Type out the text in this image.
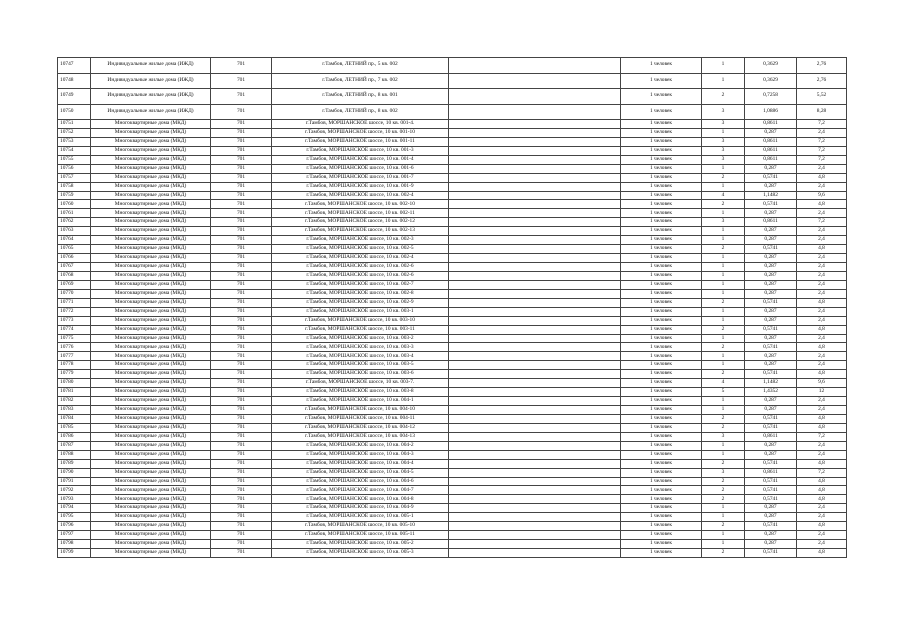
10747	Индивидуальные жилые дома (ИЖД)	701	г.Тамбов, ЛЕТНИЙ пр., 5 кв. 002		1 человек	1	0,3629	2,76
10748	Индивидуальные жилые дома (ИЖД)	701	г.Тамбов, ЛЕТНИЙ пр., 7 кв. 002		1 человек	1	0,3629	2,76
10749	Индивидуальные жилые дома (ИЖД)	701	г.Тамбов, ЛЕТНИЙ пр., 8 кв. 001		1 человек	2	0,7258	5,52
10750	Индивидуальные жилые дома (ИЖД)	701	г.Тамбов, ЛЕТНИЙ пр., 8 кв. 002		1 человек	3	1,0886	8,28
10751	Многоквартирные дома (МКД)	701	г.Тамбов, МОРШАНСКОЕ шоссе, 10 кв. 001-4.		1 человек	3	0,8611	7,2
10752	Многоквартирные дома (МКД)	701	г.Тамбов, МОРШАНСКОЕ шоссе, 10 кв. 001-10		1 человек	1	0,287	2,4
10753	Многоквартирные дома (МКД)	701	г.Тамбов, МОРШАНСКОЕ шоссе, 10 кв. 001-11		1 человек	3	0,8611	7,2
10754	Многоквартирные дома (МКД)	701	г.Тамбов, МОРШАНСКОЕ шоссе, 10 кв. 001-3		1 человек	3	0,8611	7,2
10755	Многоквартирные дома (МКД)	701	г.Тамбов, МОРШАНСКОЕ шоссе, 10 кв. 001-4		1 человек	3	0,8611	7,2
10756	Многоквартирные дома (МКД)	701	г.Тамбов, МОРШАНСКОЕ шоссе, 10 кв. 001-6		1 человек	1	0,287	2,4
10757	Многоквартирные дома (МКД)	701	г.Тамбов, МОРШАНСКОЕ шоссе, 10 кв. 001-7		1 человек	2	0,5741	4,8
10758	Многоквартирные дома (МКД)	701	г.Тамбов, МОРШАНСКОЕ шоссе, 10 кв. 001-9		1 человек	1	0,287	2,4
10759	Многоквартирные дома (МКД)	701	г.Тамбов, МОРШАНСКОЕ шоссе, 10 кв. 002-4		1 человек	4	1,1482	9,6
10760	Многоквартирные дома (МКД)	701	г.Тамбов, МОРШАНСКОЕ шоссе, 10 кв. 002-10		1 человек	2	0,5741	4,8
10761	Многоквартирные дома (МКД)	701	г.Тамбов, МОРШАНСКОЕ шоссе, 10 кв. 002-11		1 человек	1	0,287	2,4
10762	Многоквартирные дома (МКД)	701	г.Тамбов, МОРШАНСКОЕ шоссе, 10 кв. 002-12		1 человек	3	0,8611	7,2
10763	Многоквартирные дома (МКД)	701	г.Тамбов, МОРШАНСКОЕ шоссе, 10 кв. 002-13		1 человек	1	0,287	2,4
10764	Многоквартирные дома (МКД)	701	г.Тамбов, МОРШАНСКОЕ шоссе, 10 кв. 002-3		1 человек	1	0,287	2,4
10765	Многоквартирные дома (МКД)	701	г.Тамбов, МОРШАНСКОЕ шоссе, 10 кв. 002-5		1 человек	2	0,5741	4,8
10766	Многоквартирные дома (МКД)	701	г.Тамбов, МОРШАНСКОЕ шоссе, 10 кв. 002-4		1 человек	1	0,287	2,4
10767	Многоквартирные дома (МКД)	701	г.Тамбов, МОРШАНСКОЕ шоссе, 10 кв. 002-6		1 человек	1	0,287	2,4
10768	Многоквартирные дома (МКД)	701	г.Тамбов, МОРШАНСКОЕ шоссе, 10 кв. 002-6		1 человек	1	0,287	2,4
10769	Многоквартирные дома (МКД)	701	г.Тамбов, МОРШАНСКОЕ шоссе, 10 кв. 002-7		1 человек	1	0,287	2,4
10770	Многоквартирные дома (МКД)	701	г.Тамбов, МОРШАНСКОЕ шоссе, 10 кв. 002-8		1 человек	1	0,287	2,4
10771	Многоквартирные дома (МКД)	701	г.Тамбов, МОРШАНСКОЕ шоссе, 10 кв. 002-9		1 человек	2	0,5741	4,8
10772	Многоквартирные дома (МКД)	701	г.Тамбов, МОРШАНСКОЕ шоссе, 10 кв. 003-1		1 человек	1	0,287	2,4
10773	Многоквартирные дома (МКД)	701	г.Тамбов, МОРШАНСКОЕ шоссе, 10 кв. 003-10		1 человек	1	0,287	2,4
10774	Многоквартирные дома (МКД)	701	г.Тамбов, МОРШАНСКОЕ шоссе, 10 кв. 003-11		1 человек	2	0,5741	4,8
10775	Многоквартирные дома (МКД)	701	г.Тамбов, МОРШАНСКОЕ шоссе, 10 кв. 003-2		1 человек	1	0,287	2,4
10776	Многоквартирные дома (МКД)	701	г.Тамбов, МОРШАНСКОЕ шоссе, 10 кв. 003-3		1 человек	2	0,5741	4,8
10777	Многоквартирные дома (МКД)	701	г.Тамбов, МОРШАНСКОЕ шоссе, 10 кв. 003-4		1 человек	1	0,287	2,4
10778	Многоквартирные дома (МКД)	701	г.Тамбов, МОРШАНСКОЕ шоссе, 10 кв. 003-5		1 человек	1	0,287	2,4
10779	Многоквартирные дома (МКД)	701	г.Тамбов, МОРШАНСКОЕ шоссе, 10 кв. 003-6		1 человек	2	0,5741	4,8
10780	Многоквартирные дома (МКД)	701	г.Тамбов, МОРШАНСКОЕ шоссе, 10 кв. 003-7.		1 человек	4	1,1482	9,6
10781	Многоквартирные дома (МКД)	701	г.Тамбов, МОРШАНСКОЕ шоссе, 10 кв. 003-8		1 человек	5	1,4352	12
10782	Многоквартирные дома (МКД)	701	г.Тамбов, МОРШАНСКОЕ шоссе, 10 кв. 004-1		1 человек	1	0,287	2,4
10783	Многоквартирные дома (МКД)	701	г.Тамбов, МОРШАНСКОЕ шоссе, 10 кв. 004-10		1 человек	1	0,287	2,4
10784	Многоквартирные дома (МКД)	701	г.Тамбов, МОРШАНСКОЕ шоссе, 10 кв. 004-11		1 человек	2	0,5741	4,8
10785	Многоквартирные дома (МКД)	701	г.Тамбов, МОРШАНСКОЕ шоссе, 10 кв. 004-12		1 человек	2	0,5741	4,8
10786	Многоквартирные дома (МКД)	701	г.Тамбов, МОРШАНСКОЕ шоссе, 10 кв. 004-13		1 человек	3	0,8611	7,2
10787	Многоквартирные дома (МКД)	701	г.Тамбов, МОРШАНСКОЕ шоссе, 10 кв. 004-2		1 человек	1	0,287	2,4
10788	Многоквартирные дома (МКД)	701	г.Тамбов, МОРШАНСКОЕ шоссе, 10 кв. 004-3		1 человек	1	0,287	2,4
10789	Многоквартирные дома (МКД)	701	г.Тамбов, МОРШАНСКОЕ шоссе, 10 кв. 004-4		1 человек	2	0,5741	4,8
10790	Многоквартирные дома (МКД)	701	г.Тамбов, МОРШАНСКОЕ шоссе, 10 кв. 004-5		1 человек	3	0,8611	7,2
10791	Многоквартирные дома (МКД)	701	г.Тамбов, МОРШАНСКОЕ шоссе, 10 кв. 004-6		1 человек	2	0,5741	4,8
10792	Многоквартирные дома (МКД)	701	г.Тамбов, МОРШАНСКОЕ шоссе, 10 кв. 004-7		1 человек	2	0,5741	4,8
10793	Многоквартирные дома (МКД)	701	г.Тамбов, МОРШАНСКОЕ шоссе, 10 кв. 004-8		1 человек	2	0,5741	4,8
10794	Многоквартирные дома (МКД)	701	г.Тамбов, МОРШАНСКОЕ шоссе, 10 кв. 004-9		1 человек	1	0,287	2,4
10795	Многоквартирные дома (МКД)	701	г.Тамбов, МОРШАНСКОЕ шоссе, 10 кв. 005-1		1 человек	1	0,287	2,4
10796	Многоквартирные дома (МКД)	701	г.Тамбов, МОРШАНСКОЕ шоссе, 10 кв. 005-10		1 человек	2	0,5741	4,8
10797	Многоквартирные дома (МКД)	701	г.Тамбов, МОРШАНСКОЕ шоссе, 10 кв. 005-11		1 человек	1	0,287	2,4
10798	Многоквартирные дома (МКД)	701	г.Тамбов, МОРШАНСКОЕ шоссе, 10 кв. 005-2		1 человек	1	0,287	2,4
10799	Многоквартирные дома (МКД)	701	г.Тамбов, МОРШАНСКОЕ шоссе, 10 кв. 005-3		1 человек	2	0,5741	4,8
